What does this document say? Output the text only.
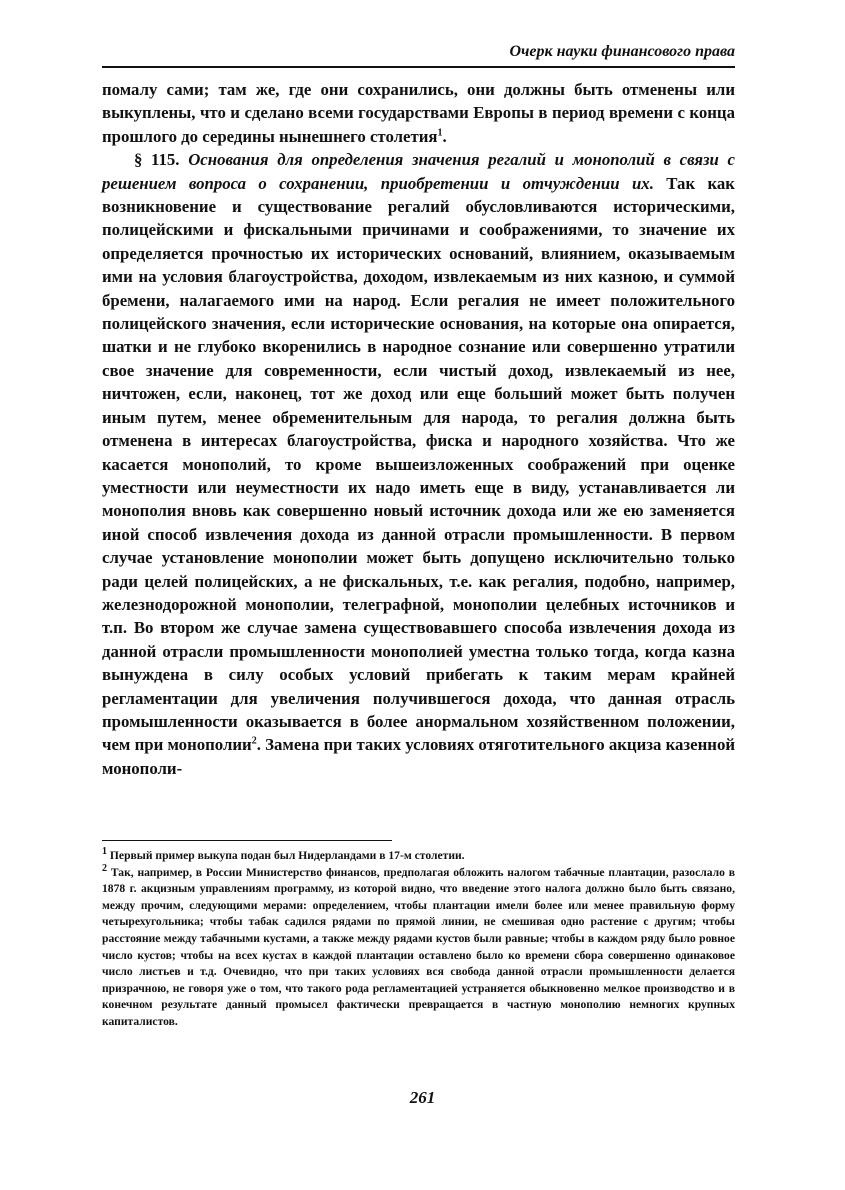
Очерк науки финансового права

помалу сами; там же, где они сохранились, они должны быть отменены или выкуплены, что и сделано всеми государствами Европы в период времени с конца прошлого до середины нынешнего столетия$^1$.

§ 115. Основания для определения значения регалий и монополий в связи с решением вопроса о сохранении, приобретении и отчуждении их. Так как возникновение и существование регалий обусловливаются историческими, полицейскими и фискальными причинами и соображениями, то значение их определяется прочностью их исторических оснований, влиянием, оказываемым ими на условия благоустройства, доходом, извлекаемым из них казною, и суммой бремени, налагаемого ими на народ. Если регалия не имеет положительного полицейского значения, если исторические основания, на которые она опирается, шатки и не глубоко вкоренились в народное сознание или совершенно утратили свое значение для современности, если чистый доход, извлекаемый из нее, ничтожен, если, наконец, тот же доход или еще больший может быть получен иным путем, менее обременительным для народа, то регалия должна быть отменена в интересах благоустройства, фиска и народного хозяйства. Что же касается монополий, то кроме вышеизложенных соображений при оценке уместности или неуместности их надо иметь еще в виду, устанавливается ли монополия вновь как совершенно новый источник дохода или же ею заменяется иной способ извлечения дохода из данной отрасли промышленности. В первом случае установление монополии может быть допущено исключительно только ради целей полицейских, а не фискальных, т.е. как регалия, подобно, например, железнодорожной монополии, телеграфной, монополии целебных источников и т.п. Во втором же случае замена существовавшего способа извлечения дохода из данной отрасли промышленности монополией уместна только тогда, когда казна вынуждена в силу особых условий прибегать к таким мерам крайней регламентации для увеличения получившегося дохода, что данная отрасль промышленности оказывается в более анормальном хозяйственном положении, чем при монополии$^2$. Замена при таких условиях отяготительного акциза казенной монополи-

$^1$ Первый пример выкупа подан был Нидерландами в 17-м столетии.

$^2$ Так, например, в России Министерство финансов, предполагая обложить налогом табачные плантации, разослало в 1878 г. акцизным управлениям программу, из которой видно, что введение этого налога должно было быть связано, между прочим, следующими мерами: определением, чтобы плантации имели более или менее правильную форму четырехугольника; чтобы табак садился рядами по прямой линии, не смешивая одно растение с другим; чтобы расстояние между табачными кустами, а также между рядами кустов были равные; чтобы в каждом ряду было ровное число кустов; чтобы на всех кустах в каждой плантации оставлено было ко времени сбора совершенно одинаковое число листьев и т.д. Очевидно, что при таких условиях вся свобода данной отрасли промышленности делается призрачною, не говоря уже о том, что такого рода регламентацией устраняется обыкновенно мелкое производство и в конечном результате данный промысел фактически превращается в частную монополию немногих крупных капиталистов.

261
